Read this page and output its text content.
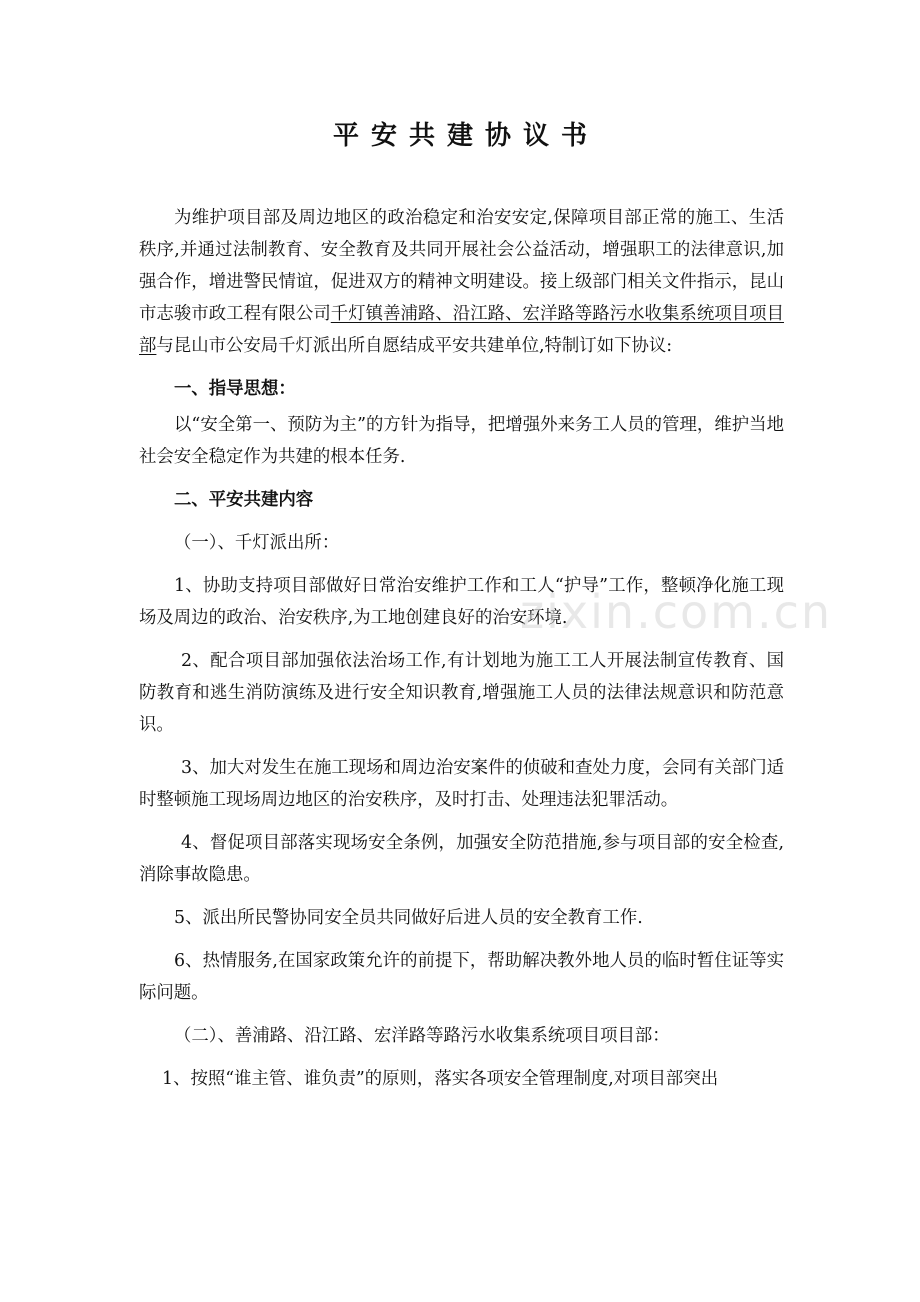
平安共建协议书

为维护项目部及周边地区的政治稳定和治安安定,保障项目部正常的施工、生活秩序,并通过法制教育、安全教育及共同开展社会公益活动，增强职工的法律意识,加强合作，增进警民情谊，促进双方的精神文明建设。接上级部门相关文件指示，昆山市志骏市政工程有限公司千灯镇善浦路、沿江路、宏洋路等路污水收集系统项目项目部与昆山市公安局千灯派出所自愿结成平安共建单位,特制订如下协议:

一、指导思想：

以“安全第一、预防为主”的方针为指导，把增强外来务工人员的管理，维护当地社会安全稳定作为共建的根本任务.

二、平安共建内容

（一）、千灯派出所：

1、协助支持项目部做好日常治安维护工作和工人“护导”工作，整顿净化施工现场及周边的政治、治安秩序,为工地创建良好的治安环境.

2、配合项目部加强依法治场工作,有计划地为施工工人开展法制宣传教育、国防教育和逃生消防演练及进行安全知识教育,增强施工人员的法律法规意识和防范意识。

3、加大对发生在施工现场和周边治安案件的侦破和查处力度，会同有关部门适时整顿施工现场周边地区的治安秩序，及时打击、处理违法犯罪活动。

4、督促项目部落实现场安全条例，加强安全防范措施,参与项目部的安全检查,消除事故隐患。

5、派出所民警协同安全员共同做好后进人员的安全教育工作.

6、热情服务,在国家政策允许的前提下，帮助解决教外地人员的临时暂住证等实际问题。

（二）、善浦路、沿江路、宏洋路等路污水收集系统项目项目部：

1、按照“谁主管、谁负责”的原则，落实各项安全管理制度,对项目部突出

zixin.com.cn
